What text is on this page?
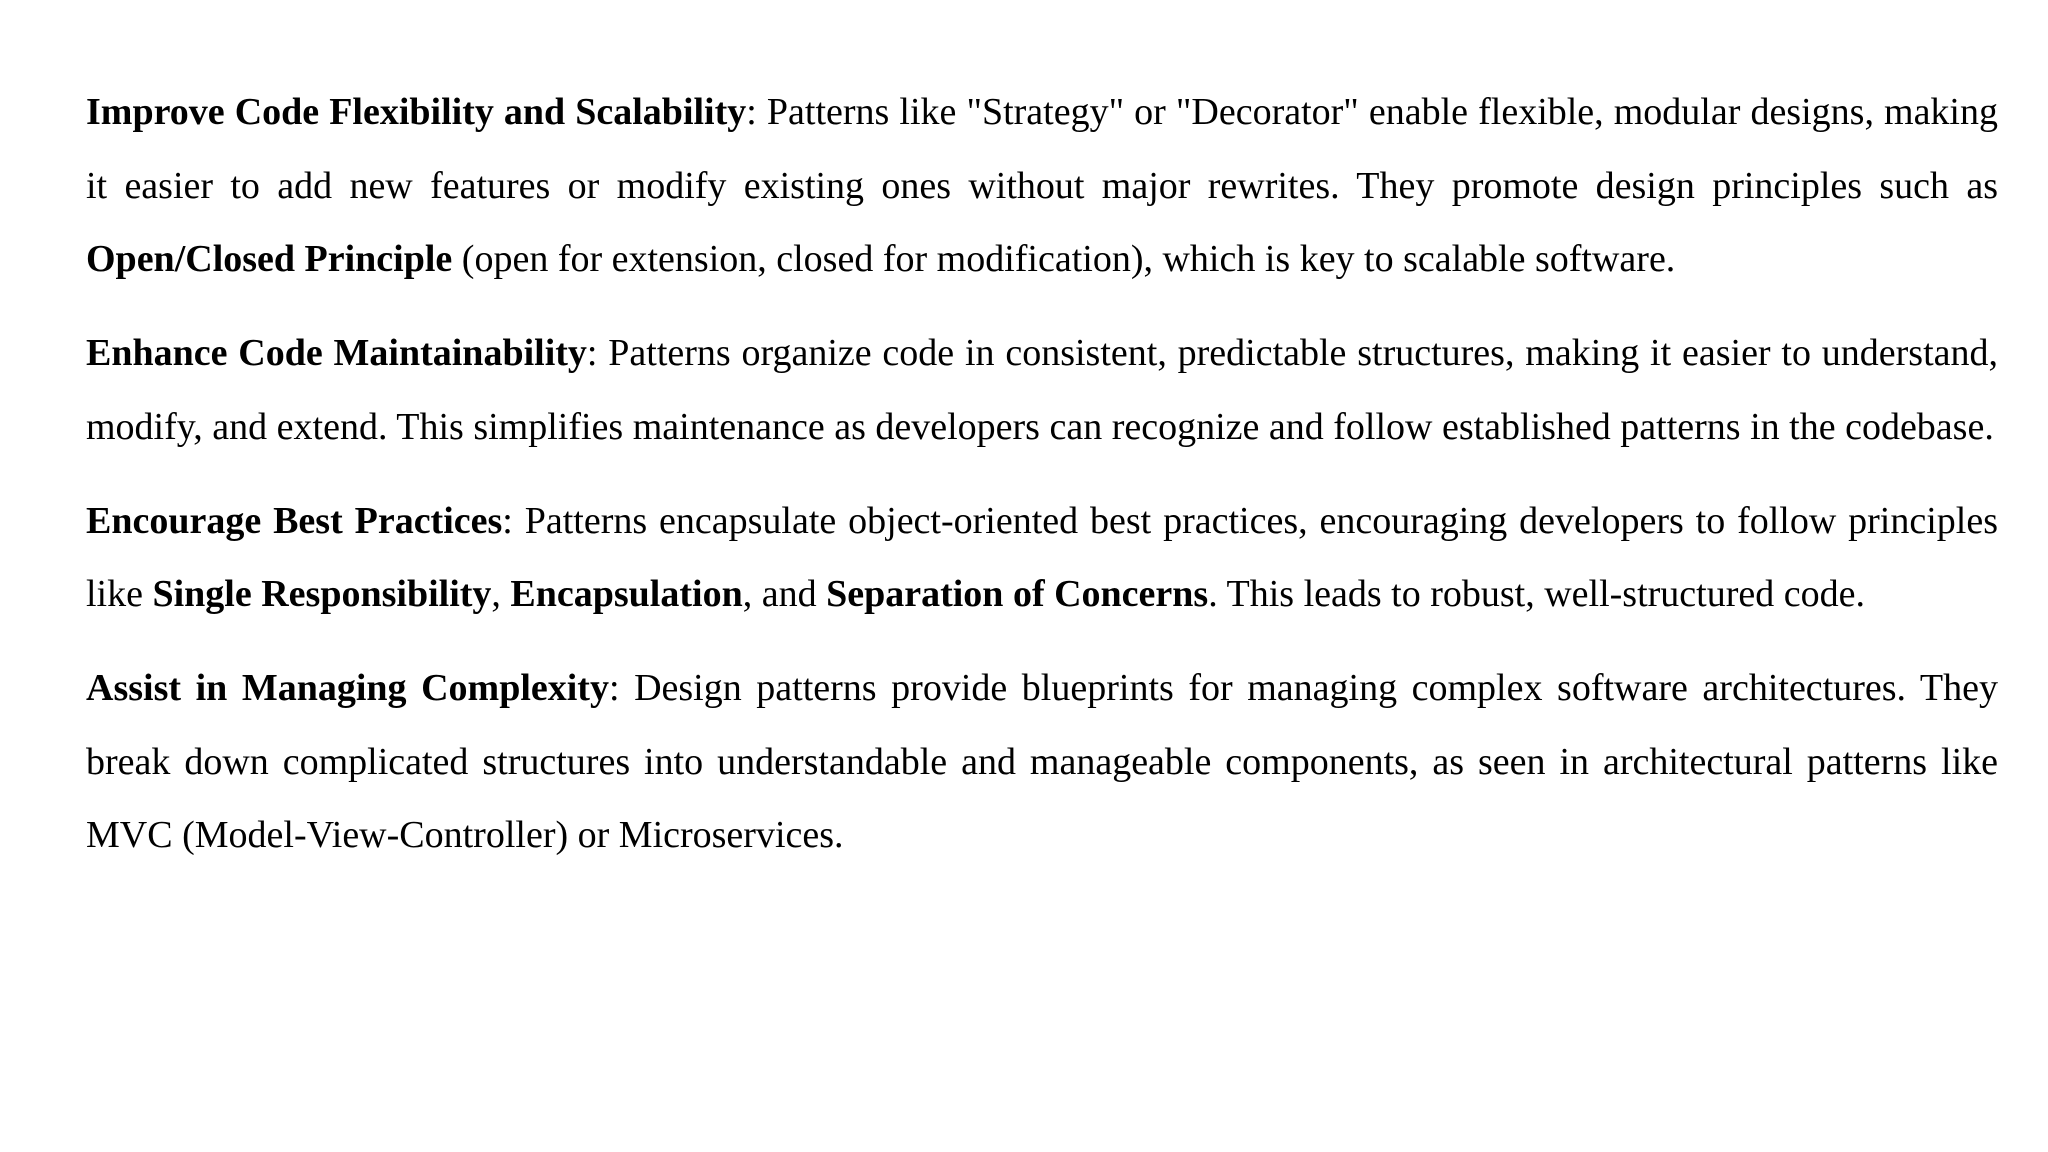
Improve Code Flexibility and Scalability: Patterns like "Strategy" or "Decorator" enable flexible, modular designs, making it easier to add new features or modify existing ones without major rewrites. They promote design principles such as Open/Closed Principle (open for extension, closed for modification), which is key to scalable software.

Enhance Code Maintainability: Patterns organize code in consistent, predictable structures, making it easier to understand, modify, and extend. This simplifies maintenance as developers can recognize and follow established patterns in the codebase.

Encourage Best Practices: Patterns encapsulate object-oriented best practices, encouraging developers to follow principles like Single Responsibility, Encapsulation, and Separation of Concerns. This leads to robust, well-structured code.

Assist in Managing Complexity: Design patterns provide blueprints for managing complex software architectures. They break down complicated structures into understandable and manageable components, as seen in architectural patterns like MVC (Model-View-Controller) or Microservices.
